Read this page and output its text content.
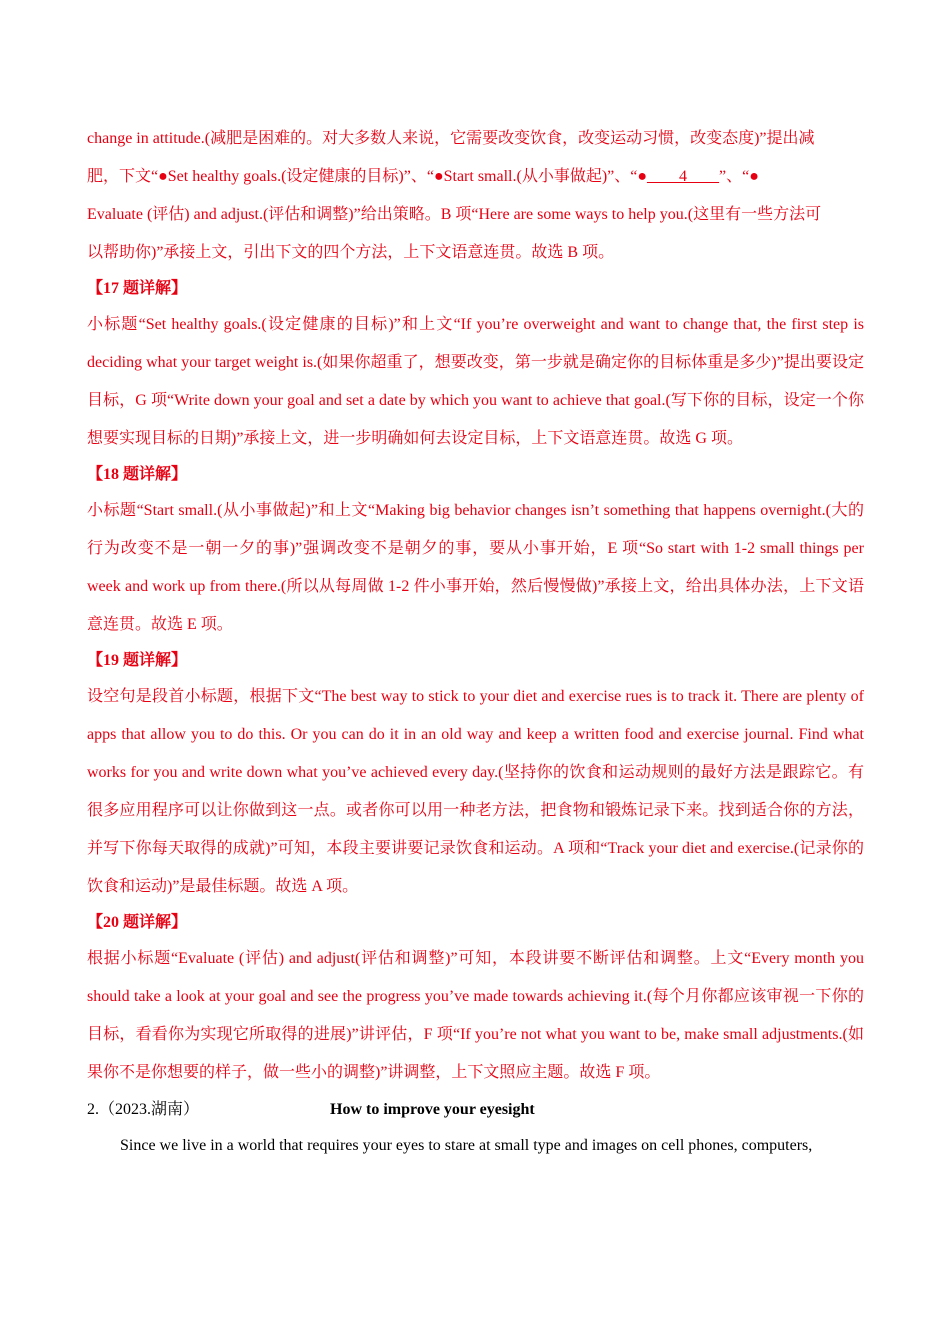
change in attitude.(减肥是困难的。对大多数人来说，它需要改变饮食，改变运动习惯，改变态度)”提出减
肥，下文“●Set healthy goals.(设定健康的目标)”、“●Start small.(从小事做起)”、“●____4____”、“●
Evaluate (评估) and adjust.(评估和调整)”给出策略。B 项“Here are some ways to help you.(这里有一些方法可
以帮助你)”承接上文，引出下文的四个方法，上下文语意连贯。故选 B 项。

【17 题详解】

小标题“Set healthy goals.(设定健康的目标)”和上文“If you’re overweight and want to change that, the first step is deciding what your target weight is.(如果你超重了，想要改变，第一步就是确定你的目标体重是多少)”提出要设定目标，G 项“Write down your goal and set a date by which you want to achieve that goal.(写下你的目标，设定一个你想要实现目标的日期)”承接上文，进一步明确如何去设定目标，上下文语意连贯。故选 G 项。

【18 题详解】

小标题“Start small.(从小事做起)”和上文“Making big behavior changes isn’t something that happens overnight.(大的行为改变不是一朝一夕的事)”强调改变不是朝夕的事，要从小事开始，E 项“So start with 1-2 small things per week and work up from there.(所以从每周做 1-2 件小事开始，然后慢慢做)”承接上文，给出具体办法，上下文语意连贯。故选 E 项。

【19 题详解】

设空句是段首小标题，根据下文“The best way to stick to your diet and exercise rues is to track it. There are plenty of apps that allow you to do this. Or you can do it in an old way and keep a written food and exercise journal. Find what works for you and write down what you’ve achieved every day.(坚持你的饮食和运动规则的最好方法是跟踪它。有很多应用程序可以让你做到这一点。或者你可以用一种老方法，把食物和锻炼记录下来。找到适合你的方法，并写下你每天取得的成就)”可知，本段主要讲要记录饮食和运动。A 项和“Track your diet and exercise.(记录你的饮食和运动)”是最佳标题。故选 A 项。

【20 题详解】

根据小标题“Evaluate (评估) and adjust(评估和调整)”可知，本段讲要不断评估和调整。上文“Every month you should take a look at your goal and see the progress you’ve made towards achieving it.(每个月你都应该审视一下你的目标，看看你为实现它所取得的进展)”讲评估，F 项“If you’re not what you want to be, make small adjustments.(如果你不是你想要的样子，做一些小的调整)”讲调整，上下文照应主题。故选 F 项。

2.（2023.湖南）	How to improve your eyesight

Since we live in a world that requires your eyes to stare at small type and images on cell phones, computers,
